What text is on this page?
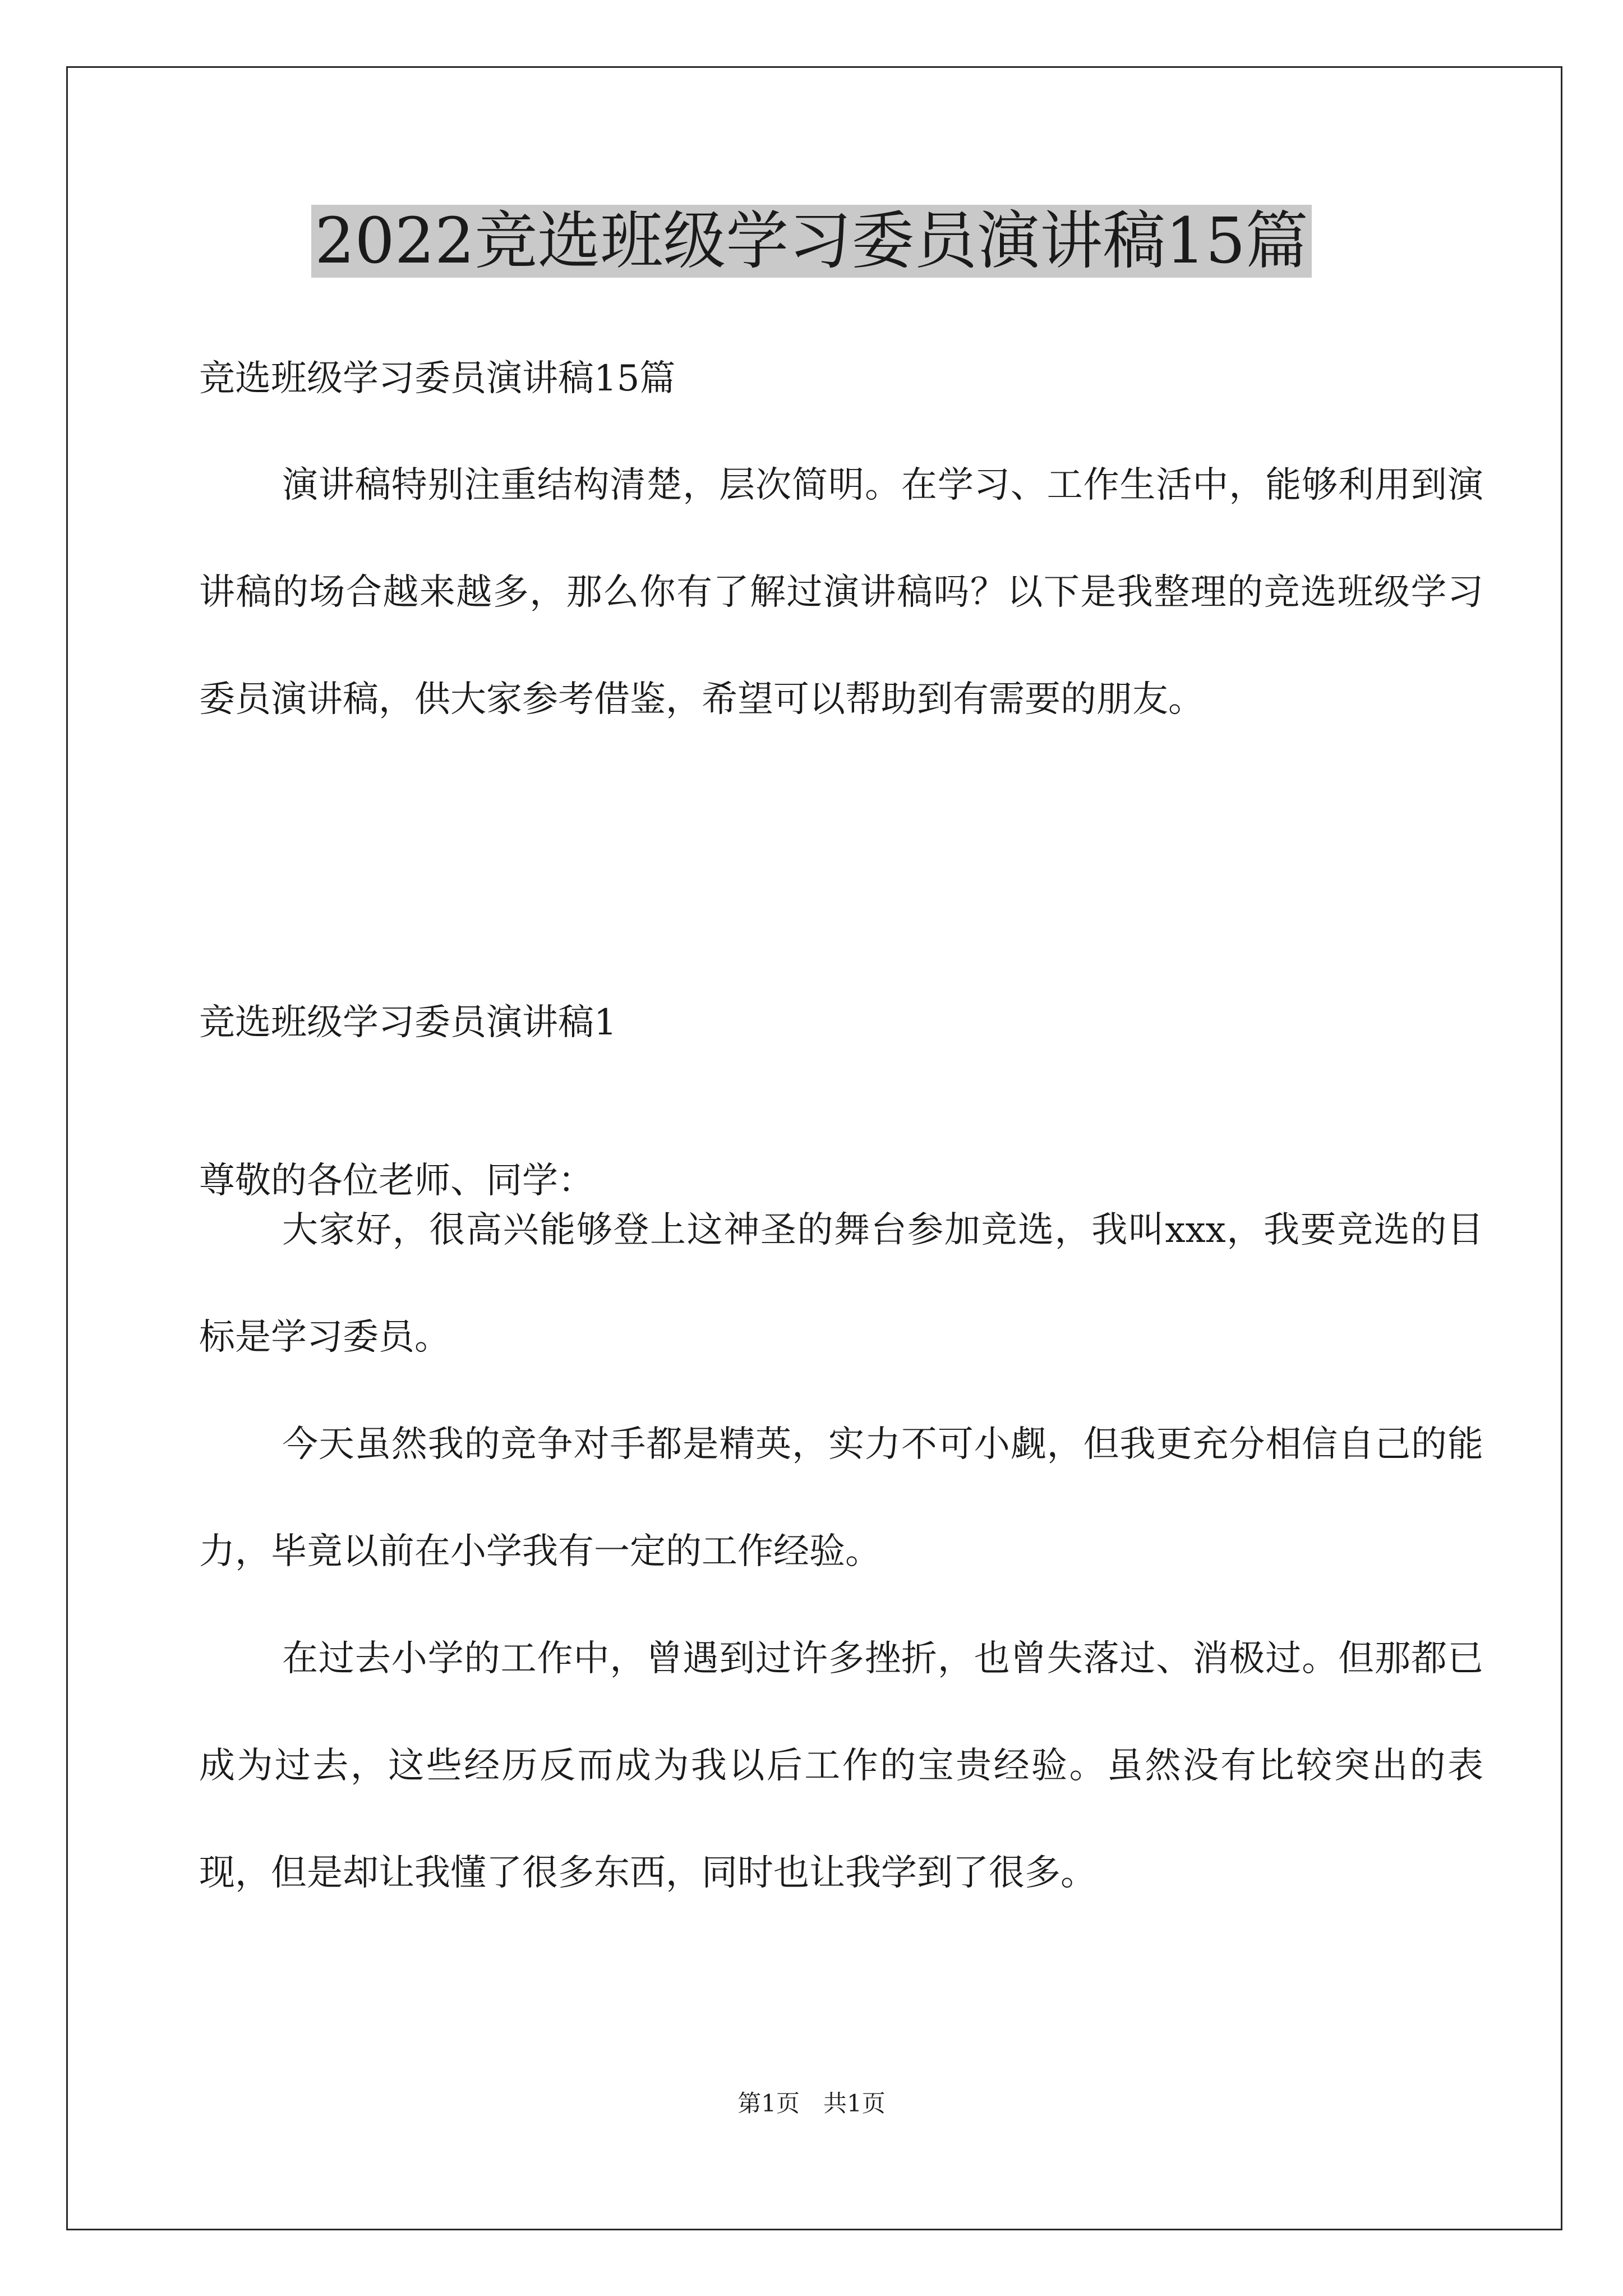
2022竞选班级学习委员演讲稿15篇
竞选班级学习委员演讲稿15篇

演讲稿特别注重结构清楚，层次简明。在学习、工作生活中，能够利用到演讲稿的场合越来越多，那么你有了解过演讲稿吗？以下是我整理的竞选班级学习委员演讲稿，供大家参考借鉴，希望可以帮助到有需要的朋友。

竞选班级学习委员演讲稿1
尊敬的各位老师、同学：

大家好，很高兴能够登上这神圣的舞台参加竞选，我叫xxx，我要竞选的目标是学习委员。

今天虽然我的竞争对手都是精英，实力不可小觑，但我更充分相信自己的能力，毕竟以前在小学我有一定的工作经验。

在过去小学的工作中，曾遇到过许多挫折，也曾失落过、消极过。但那都已成为过去，这些经历反而成为我以后工作的宝贵经验。虽然没有比较突出的表现，但是却让我懂了很多东西，同时也让我学到了很多。

第1页　共1页
